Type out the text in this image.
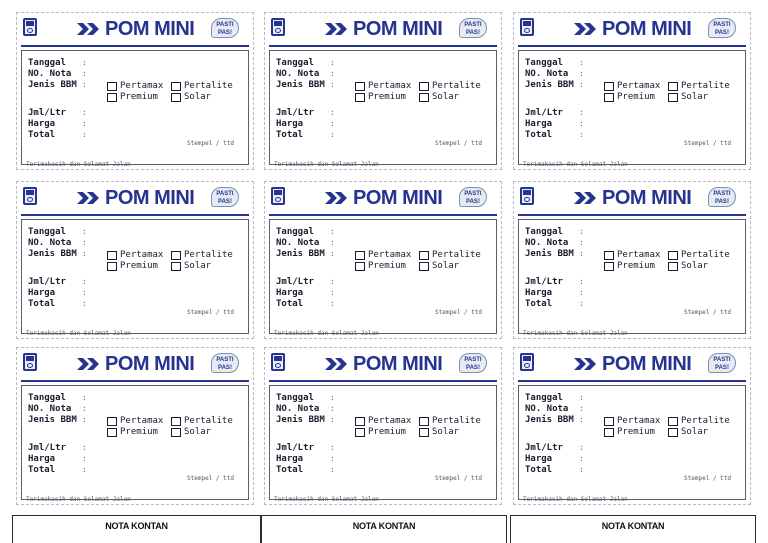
POM MINI	PASTI PAS!
Tanggal :
NO. Nota :
Jenis BBM :	Pertamax Pertalite
Premium	Solar
Jml/Ltr :
Harga	:
Total	:
Stempel / ttd
Terimakasih dan Selamat Jalan
POM MINI	PASTI PAS!
Tanggal :
NO. Nota :
Jenis BBM :	Pertamax Pertalite
Premium	Solar
Jml/Ltr :
Harga	:
Total	:
Stempel / ttd
Terimakasih dan Selamat Jalan
POM MINI	PASTI PAS!
Tanggal :
NO. Nota :
Jenis BBM :	Pertamax Pertalite
Premium	Solar
Jml/Ltr :
Harga	:
Total	:
Stempel / ttd
Terimakasih dan Selamat Jalan
POM MINI	PASTI PAS!
Tanggal :
NO. Nota :
Jenis BBM :	Pertamax Pertalite
Premium	Solar
Jml/Ltr :
Harga	:
Total	:
Stempel / ttd
Terimakasih dan Selamat Jalan
POM MINI	PASTI PAS!
Tanggal :
NO. Nota :
Jenis BBM :	Pertamax Pertalite
Premium	Solar
Jml/Ltr :
Harga	:
Total	:
Stempel / ttd
Terimakasih dan Selamat Jalan
POM MINI	PASTI PAS!
Tanggal :
NO. Nota :
Jenis BBM :	Pertamax Pertalite
Premium	Solar
Jml/Ltr :
Harga	:
Total	:
Stempel / ttd
Terimakasih dan Selamat Jalan
POM MINI	PASTI PAS!
Tanggal :
NO. Nota :
Jenis BBM :	Pertamax Pertalite
Premium	Solar
Jml/Ltr :
Harga	:
Total	:
Stempel / ttd
Terimakasih dan Selamat Jalan
POM MINI	PASTI PAS!
Tanggal :
NO. Nota :
Jenis BBM :	Pertamax Pertalite
Premium	Solar
Jml/Ltr :
Harga	:
Total	:
Stempel / ttd
Terimakasih dan Selamat Jalan
POM MINI	PASTI PAS!
Tanggal :
NO. Nota :
Jenis BBM :	Pertamax Pertalite
Premium	Solar
Jml/Ltr :
Harga	:
Total	:
Stempel / ttd
Terimakasih dan Selamat Jalan
NOTA KONTAN	NOTA KONTAN	NOTA KONTAN
